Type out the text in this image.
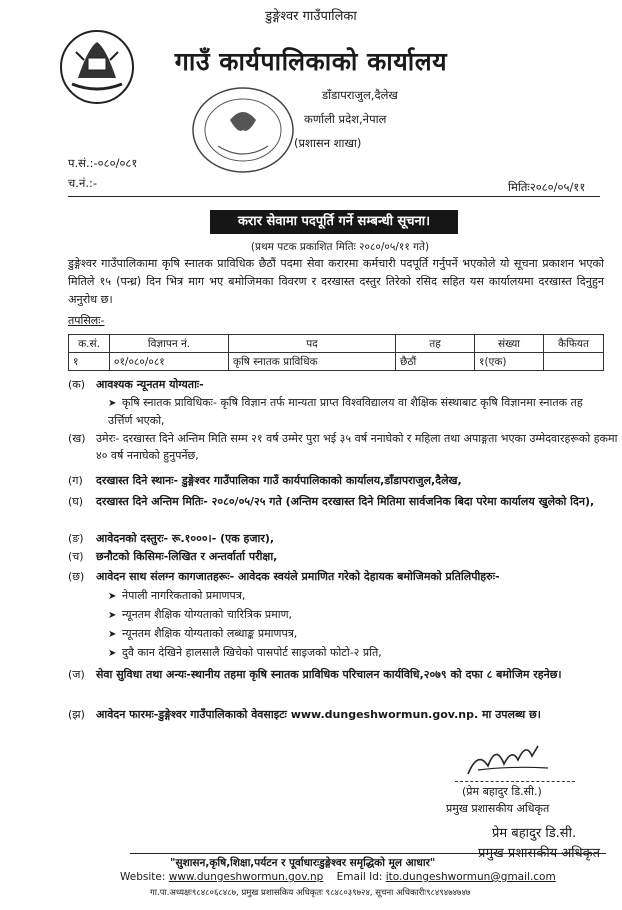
डुङ्गेश्वर गाउँपालिका
गाउँ कार्यपालिकाको कार्यालय
डाँडापराजुल,दैलेख
कर्णाली प्रदेश,नेपाल
(प्रशासन शाखा)
प.सं.:-०८०/०८१
च.नं.:-	मितिः२०८०/०५/११
करार सेवामा पदपूर्ति गर्ने सम्बन्धी सूचना।
(प्रथम पटक प्रकाशित मितिः २०८०/०५/११ गते)
डुङ्गेश्वर गाउँपालिकामा कृषि स्नातक प्राविधिक छैठौं पदमा सेवा करारमा कर्मचारी पदपूर्ति गर्नुपर्ने भएकोले यो सूचना प्रकाशन भएको मितिले १५ (पन्ध्र) दिन भित्र माग भए बमोजिमका विवरण र दरखास्त दस्तुर तिरेको रसिद सहित यस कार्यालयमा दरखास्त दिनुहुन अनुरोध छ।
तपसिलः-
क.सं.	विज्ञापन नं.	पद	तह	संख्या	कैफियत
१	०१/०८०/०८१	कृषि स्नातक प्राविधिक	छैठौं	१(एक)	
(क) आवश्यक न्यूनतम योग्यताः-
➤ कृषि स्नातक प्राविधिकः- कृषि विज्ञान तर्फ मान्यता प्राप्त विश्वविद्यालय वा शैक्षिक संस्थाबाट कृषि विज्ञानमा स्नातक तह उर्त्तिर्ण भएको,
(ख) उमेरः- दरखास्त दिने अन्तिम मिति सम्म २१ वर्ष उम्मेर पुरा भई ३५ वर्ष ननाघेको र महिला तथा अपाङ्गता भएका उम्मेदवारहरूको हकमा ४० वर्ष ननाघेको हुनुपर्नेछ,
(ग) दरखास्त दिने स्थानः- डुङ्गेश्वर गाउँपालिका गाउँ कार्यपालिकाको कार्यालय,डाँडापराजुल,दैलेख,
(घ) दरखास्त दिने अन्तिम मितिः- २०८०/०५/२५ गते (अन्तिम दरखास्त दिने मितिमा सार्वजनिक बिदा परेमा कार्यालय खुलेको दिन),
(ङ) आवेदनको दस्तुरः- रू.१०००।- (एक हजार),
(च) छनौटको किसिमः-लिखित र अन्तर्वार्ता परीक्षा,
(छ) आवेदन साथ संलग्न कागजातहरूः- आवेदक स्वयंले प्रमाणित गरेको देहायक बमोजिमको प्रतिलिपीहरुः-
➤ नेपाली नागरिकताको प्रमाणपत्र,
➤ न्यूनतम शैक्षिक योग्यताको चारित्रिक प्रमाण,
➤ न्यूनतम शैक्षिक योग्यताको लब्धाङ्क प्रमाणपत्र,
➤ दुवै कान देखिने हालसालै खिचेको पासपोर्ट साइजको फोटो-२ प्रति,
(ज) सेवा सुविधा तथा अन्यः-स्थानीय तहमा कृषि स्नातक प्राविधिक परिचालन कार्यविधि,२०७९ को दफा ८ बमोजिम रहनेछ।
(झ) आवेदन फारमः-डुङ्गेश्वर गाउँपालिकाको वेवसाइटः www.dungeshwormun.gov.np. मा उपलब्ध छ।
(प्रेम बहादुर डि.सी.)
प्रमुख प्रशासकीय अधिकृत
प्रेम बहादुर डि.सी.
प्रमुख प्रशासकीय अधिकृत
"सुशासन,कृषि,शिक्षा,पर्यटन र पूर्वाधारःडुङ्गेश्वर समृद्धिको मूल आधार"
Website: www.dungeshwormun.gov.np Email Id: ito.dungeshwormun@gmail.com
गा.पा.अध्यक्षः९८४८०६८४८७, प्रमुख प्रशासकिय अधिकृतः ९८४८०३९७२४, सूचना अधिकारीः९८४९४७४७४७
